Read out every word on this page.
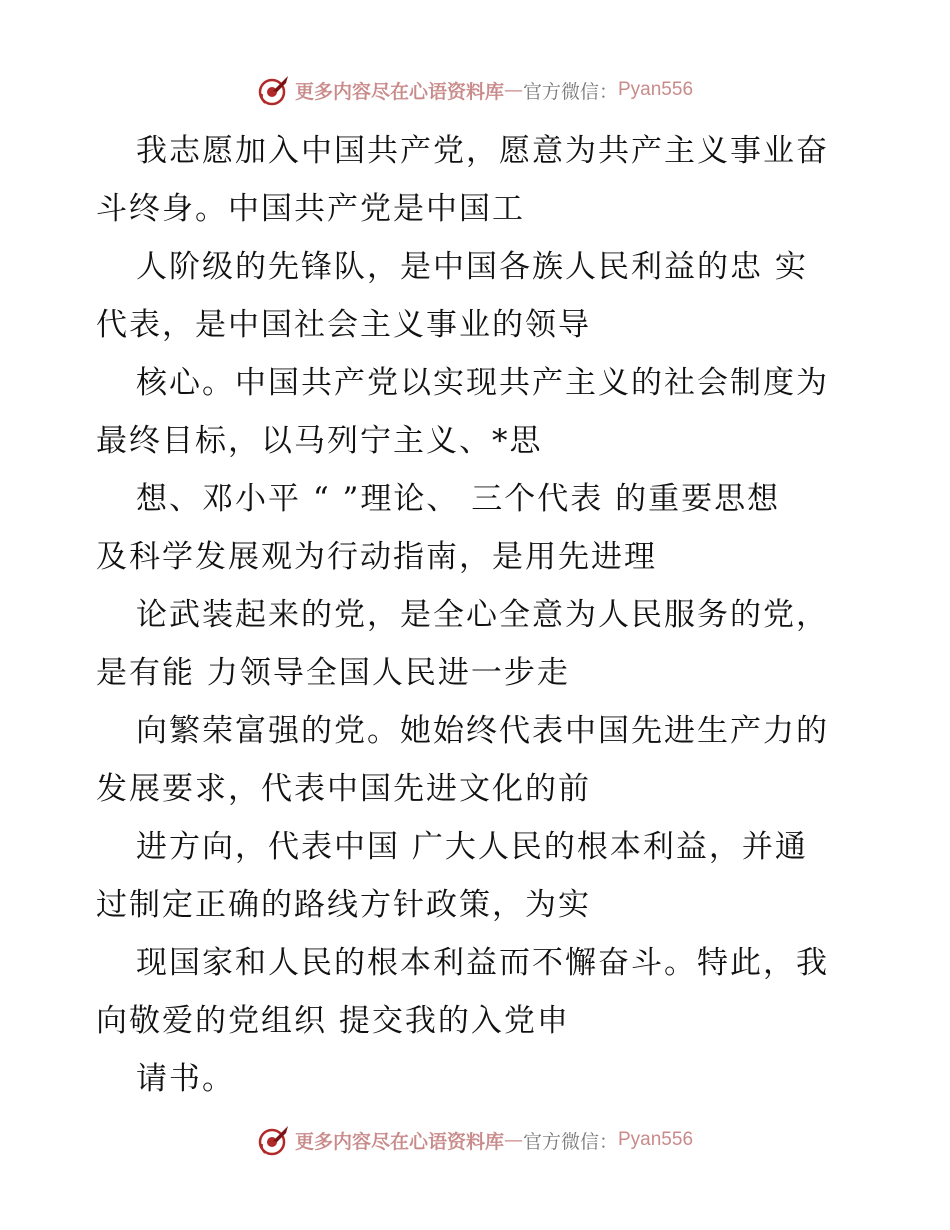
更多内容尽在心语资料库 — 官方微信： Pyan556
我志愿加入中国共产党，愿意为共产主义事业奋
斗终身。中国共产党是中国工
人阶级的先锋队，是中国各族人民利益的忠 实
代表，是中国社会主义事业的领导
核心。中国共产党以实现共产主义的社会制度为
最终目标，以马列宁主义、*思
想、邓小平 “ ”理论、 三个代表 的重要思想
及科学发展观为行动指南，是用先进理
论武装起来的党，是全心全意为人民服务的党，
是有能 力领导全国人民进一步走
向繁荣富强的党。她始终代表中国先进生产力的
发展要求，代表中国先进文化的前
进方向，代表中国 广大人民的根本利益，并通
过制定正确的路线方针政策，为实
现国家和人民的根本利益而不懈奋斗。特此，我
向敬爱的党组织 提交我的入党申
请书。
更多内容尽在心语资料库 — 官方微信： Pyan556
